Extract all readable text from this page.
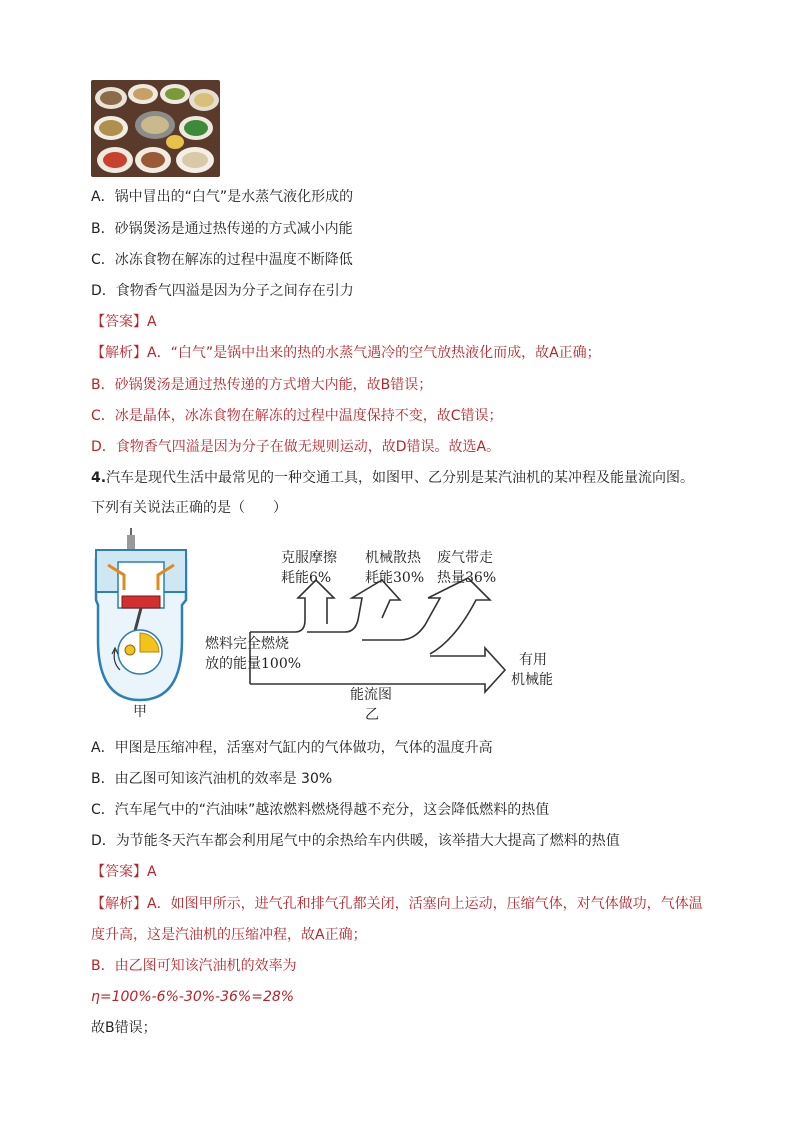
A．锅中冒出的“白气”是水蒸气液化形成的
B．砂锅煲汤是通过热传递的方式减小内能
C．冰冻食物在解冻的过程中温度不断降低
D．食物香气四溢是因为分子之间存在引力
【答案】A
【解析】A．“白气”是锅中出来的热的水蒸气遇冷的空气放热液化而成，故A正确；
B．砂锅煲汤是通过热传递的方式增大内能，故B错误；
C．冰是晶体，冰冻食物在解冻的过程中温度保持不变，故C错误；
D．食物香气四溢是因为分子在做无规则运动，故D错误。故选A。
4.汽车是现代生活中最常见的一种交通工具，如图甲、乙分别是某汽油机的某冲程及能量流向图。
下列有关说法正确的是（　　）
甲
克服摩擦
耗能6%
机械散热
耗能30%
废气带走
热量36%
燃料完全燃烧
放的能量100%	有用
机械能
能流图
乙
A．甲图是压缩冲程，活塞对气缸内的气体做功，气体的温度升高
B．由乙图可知该汽油机的效率是 30%
C．汽车尾气中的“汽油味”越浓燃料燃烧得越不充分，这会降低燃料的热值
D．为节能冬天汽车都会利用尾气中的余热给车内供暖，该举措大大提高了燃料的热值
【答案】A
【解析】A．如图甲所示，进气孔和排气孔都关闭，活塞向上运动，压缩气体，对气体做功，气体温
度升高，这是汽油机的压缩冲程，故A正确；
B．由乙图可知该汽油机的效率为
η=100%-6%-30%-36%=28%
故B错误；
